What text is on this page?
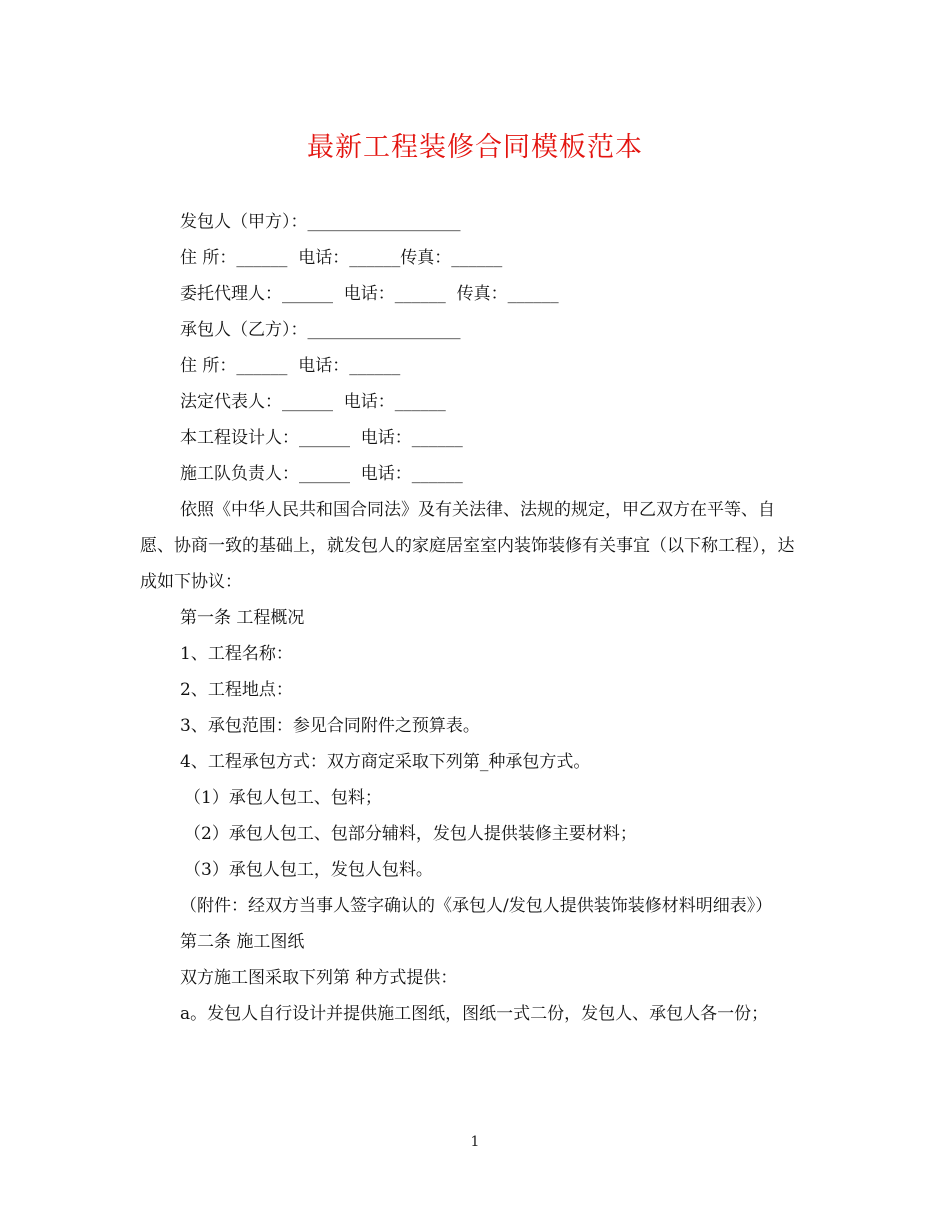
最新工程装修合同模板范本

发包人（甲方）：__________________

住 所：______  电话：______传真：______

委托代理人：______  电话：______  传真：______

承包人（乙方）：__________________

住 所：______  电话：______

法定代表人：______  电话：______

本工程设计人：______  电话：______

施工队负责人：______  电话：______

依照《中华人民共和国合同法》及有关法律、法规的规定，甲乙双方在平等、自愿、协商一致的基础上，就发包人的家庭居室室内装饰装修有关事宜（以下称工程），达成如下协议：

第一条 工程概况

1、工程名称：

2、工程地点：

3、承包范围：参见合同附件之预算表。

4、工程承包方式：双方商定采取下列第_种承包方式。

（1）承包人包工、包料；

（2）承包人包工、包部分辅料，发包人提供装修主要材料；

（3）承包人包工，发包人包料。

（附件：经双方当事人签字确认的《承包人/发包人提供装饰装修材料明细表》）

第二条 施工图纸

双方施工图采取下列第 种方式提供：

a。发包人自行设计并提供施工图纸，图纸一式二份，发包人、承包人各一份；

1
